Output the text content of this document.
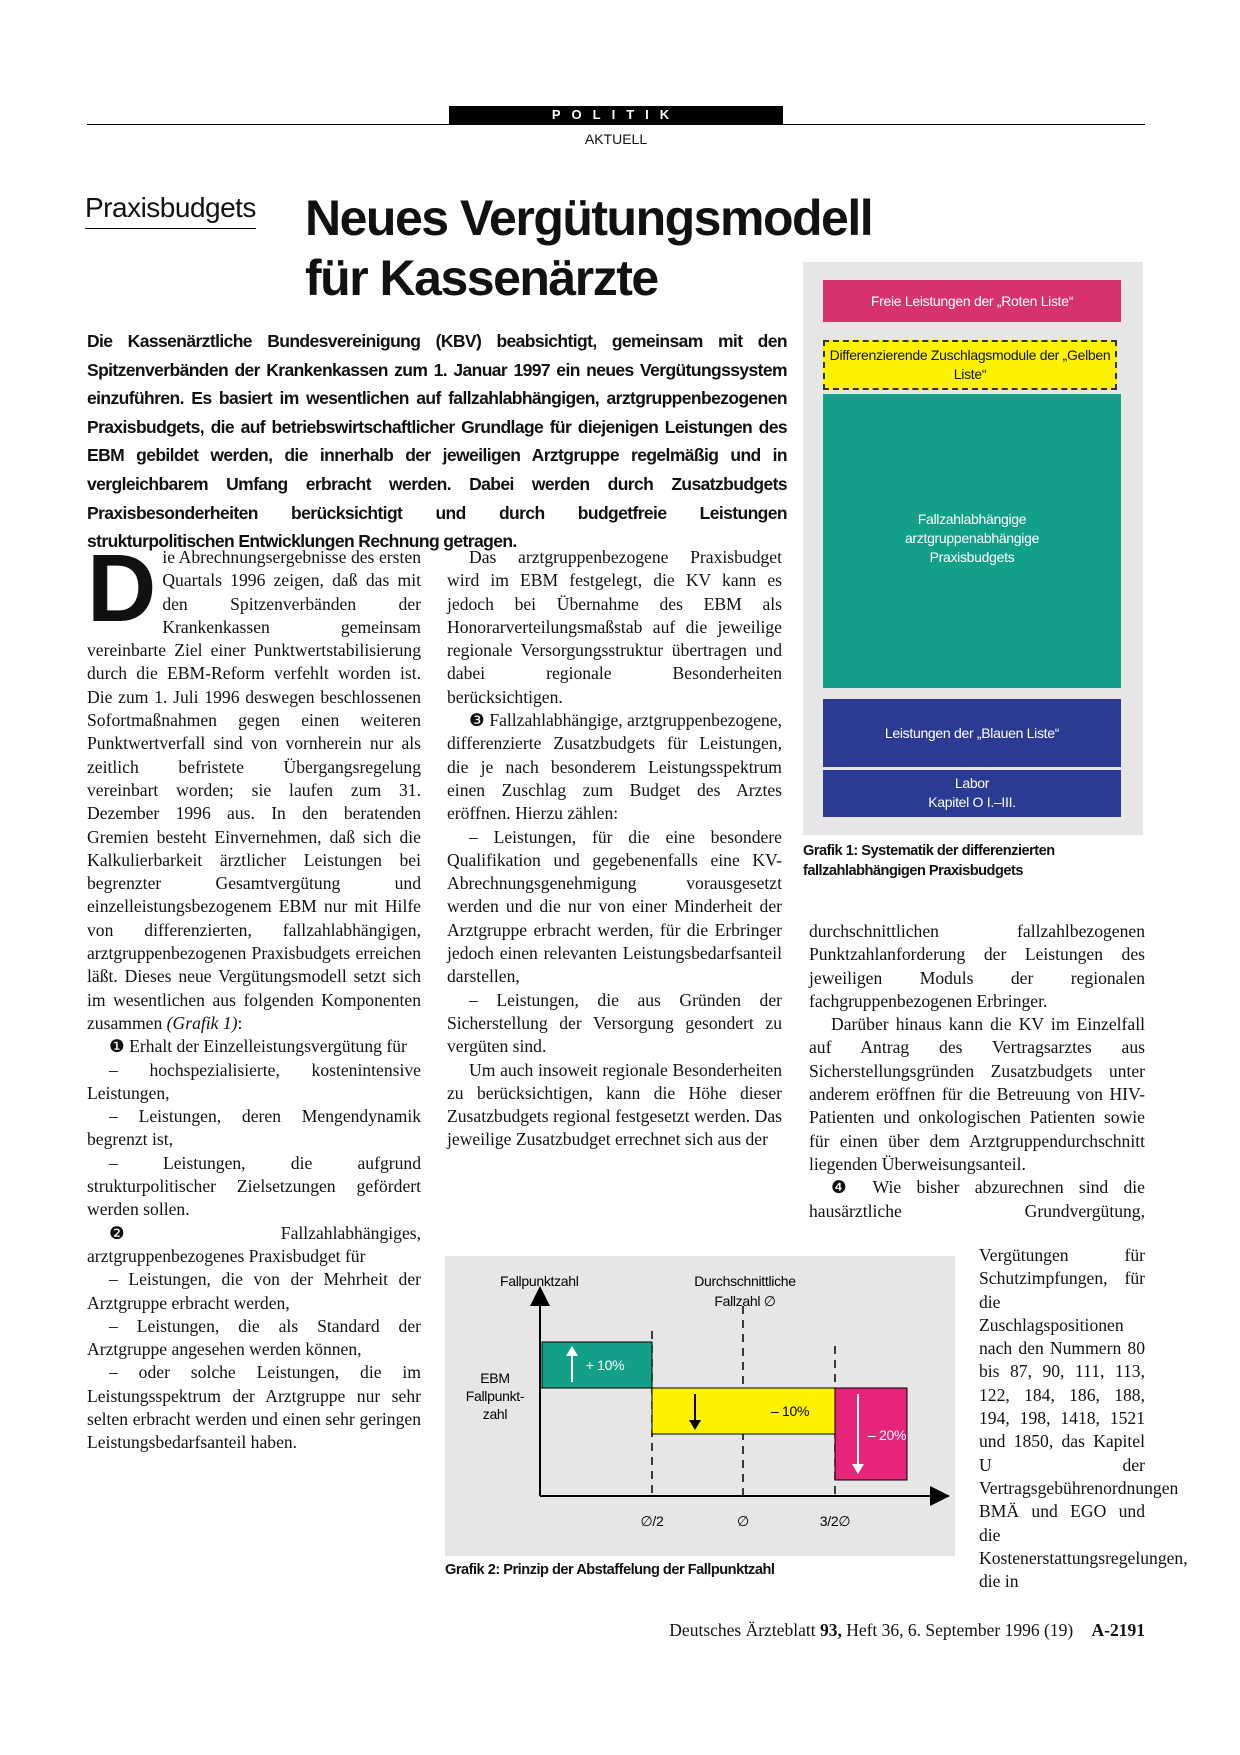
POLITIK
AKTUELL
Praxisbudgets Neues Vergütungsmodell
für Kassenärzte

Die Kassenärztliche Bundesvereinigung (KBV) beabsichtigt, gemeinsam mit den Spitzenverbänden der Krankenkassen zum 1. Januar 1997 ein neues Vergütungssystem einzuführen. Es basiert im wesentlichen auf fallzahlabhängigen, arztgruppenbezogenen Praxisbudgets, die auf betriebswirtschaftlicher Grundlage für diejenigen Leistungen des EBM gebildet werden, die innerhalb der jeweiligen Arztgruppe regelmäßig und in vergleichbarem Umfang erbracht werden. Dabei werden durch Zusatzbudgets Praxisbesonderheiten berücksichtigt und durch budgetfreie Leistungen strukturpolitischen Entwicklungen Rechnung getragen.

Die Abrechnungsergebnisse des ersten Quartals 1996 zeigen, daß das mit den Spitzenverbänden der Krankenkassen gemeinsam vereinbarte Ziel einer Punktwertstabilisierung durch die EBM-Reform verfehlt worden ist. Die zum 1. Juli 1996 deswegen beschlossenen Sofortmaßnahmen gegen einen weiteren Punktwertverfall sind von vornherein nur als zeitlich befristete Übergangsregelung vereinbart worden; sie laufen zum 31. Dezember 1996 aus. In den beratenden Gremien besteht Einvernehmen, daß sich die Kalkulierbarkeit ärztlicher Leistungen bei begrenzter Gesamtvergütung und einzelleistungsbezogenem EBM nur mit Hilfe von differenzierten, fallzahlabhängigen, arztgruppenbezogenen Praxisbudgets erreichen läßt. Dieses neue Vergütungsmodell setzt sich im wesentlichen aus folgenden Komponenten zusammen (Grafik 1):

❶ Erhalt der Einzelleistungsvergütung für

– hochspezialisierte, kostenintensive Leistungen,

– Leistungen, deren Mengendynamik begrenzt ist,

– Leistungen, die aufgrund strukturpolitischer Zielsetzungen gefördert werden sollen.

❷ Fallzahlabhängiges, arztgruppenbezogenes Praxisbudget für

– Leistungen, die von der Mehrheit der Arztgruppe erbracht werden,

– Leistungen, die als Standard der Arztgruppe angesehen werden können,

– oder solche Leistungen, die im Leistungsspektrum der Arztgruppe nur sehr selten erbracht werden und einen sehr geringen Leistungsbedarfsanteil haben.

Das arztgruppenbezogene Praxisbudget wird im EBM festgelegt, die KV kann es jedoch bei Übernahme des EBM als Honorarverteilungsmaßstab auf die jeweilige regionale Versorgungsstruktur übertragen und dabei regionale Besonderheiten berücksichtigen.

❸ Fallzahlabhängige, arztgruppenbezogene, differenzierte Zusatzbudgets für Leistungen, die je nach besonderem Leistungsspektrum einen Zuschlag zum Budget des Arztes eröffnen. Hierzu zählen:

– Leistungen, für die eine besondere Qualifikation und gegebenenfalls eine KV-Abrechnungsgenehmigung vorausgesetzt werden und die nur von einer Minderheit der Arztgruppe erbracht werden, für die Erbringer jedoch einen relevanten Leistungsbedarfsanteil darstellen,

– Leistungen, die aus Gründen der Sicherstellung der Versorgung gesondert zu vergüten sind.

Um auch insoweit regionale Besonderheiten zu berücksichtigen, kann die Höhe dieser Zusatzbudgets regional festgesetzt werden. Das jeweilige Zusatzbudget errechnet sich aus der

durchschnittlichen fallzahlbezogenen Punktzahlanforderung der Leistungen des jeweiligen Moduls der regionalen fachgruppenbezogenen Erbringer.

Darüber hinaus kann die KV im Einzelfall auf Antrag des Vertragsarztes aus Sicherstellungsgründen Zusatzbudgets unter anderem eröffnen für die Betreuung von HIV-Patienten und onkologischen Patienten sowie für einen über dem Arztgruppendurchschnitt liegenden Überweisungsanteil.

❹ Wie bisher abzurechnen sind die hausärztliche Grundvergütung,

Vergütungen für Schutzimpfungen, für die Zuschlagspositionen nach den Nummern 80 bis 87, 90, 111, 113, 122, 184, 186, 188, 194, 198, 1418, 1521 und 1850, das Kapitel U der Vertragsgebührenordnungen BMÄ und EGO und die Kostenerstattungsregelungen, die in

Freie Leistungen der „Roten Liste“
Differenzierende Zuschlagsmodule der „Gelben Liste“
Fallzahlabhängige arztgruppenabhängige Praxisbudgets
Leistungen der „Blauen Liste“
Labor
Kapitel O I.–III.
Grafik 1: Systematik der differenzierten fallzahlabhängigen Praxisbudgets
Fallpunktzahl	Durchschnittliche
Fallzahl ∅
EBM
Fallpunkt-
zahl
+ 10%
– 10%
– 20%
∅/2	∅	3/2∅
Grafik 2: Prinzip der Abstaffelung der Fallpunktzahl
Deutsches Ärzteblatt 93, Heft 36, 6. September 1996 (19) A-2191
